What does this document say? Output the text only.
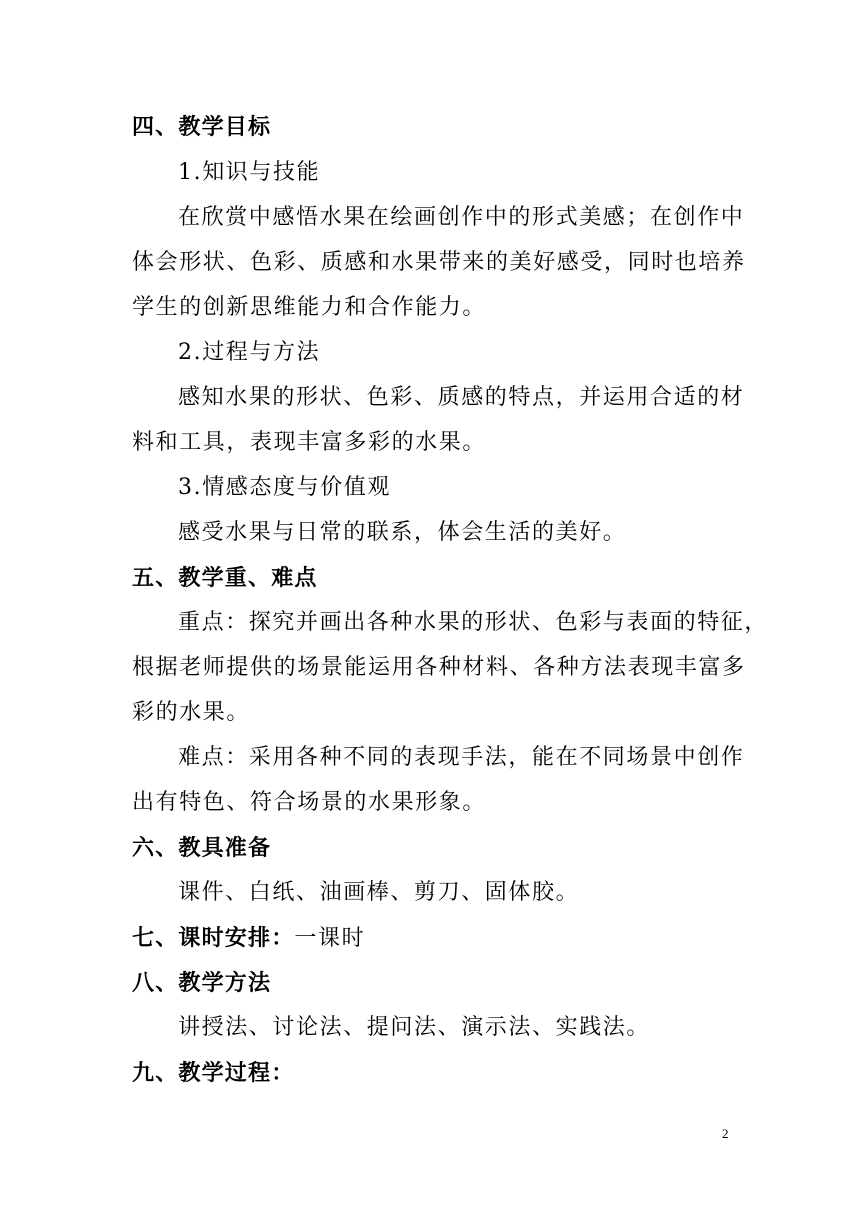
四、教学目标
1.知识与技能
在欣赏中感悟水果在绘画创作中的形式美感；在创作中
体会形状、色彩、质感和水果带来的美好感受，同时也培养
学生的创新思维能力和合作能力。
2.过程与方法
感知水果的形状、色彩、质感的特点，并运用合适的材
料和工具，表现丰富多彩的水果。
3.情感态度与价值观
感受水果与日常的联系，体会生活的美好。
五、教学重、难点
重点：探究并画出各种水果的形状、色彩与表面的特征，
根据老师提供的场景能运用各种材料、各种方法表现丰富多
彩的水果。
难点：采用各种不同的表现手法，能在不同场景中创作
出有特色、符合场景的水果形象。
六、教具准备
课件、白纸、油画棒、剪刀、固体胶。
七、课时安排：一课时
八、教学方法
讲授法、讨论法、提问法、演示法、实践法。
九、教学过程：
2
